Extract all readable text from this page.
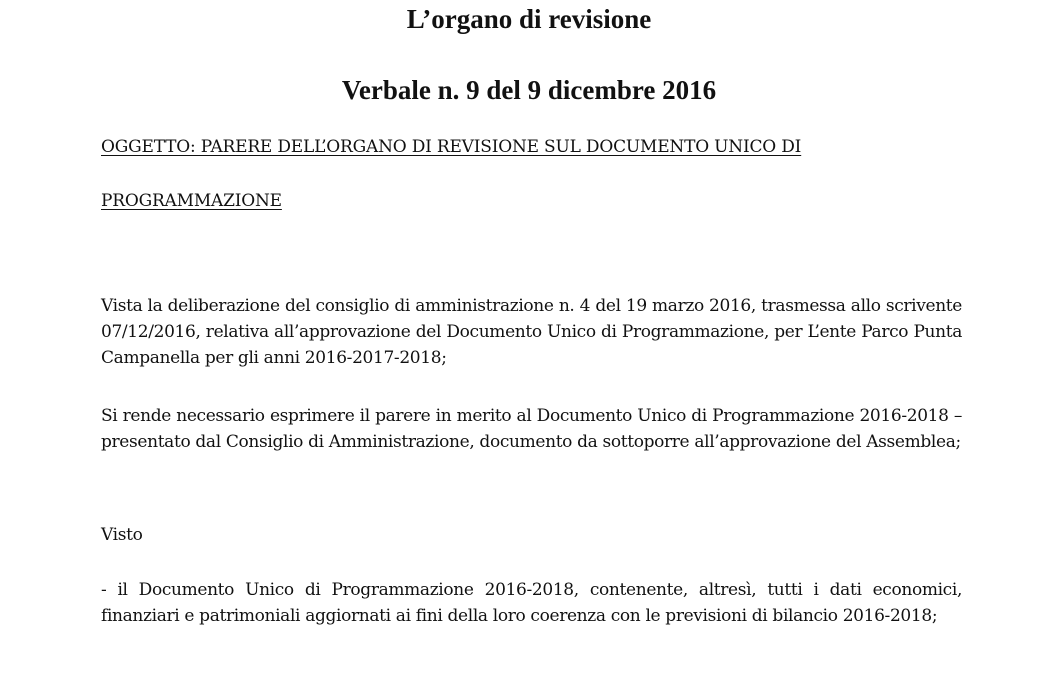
L’organo di revisione
Verbale n. 9 del 9 dicembre 2016
OGGETTO: PARERE DELL’ORGANO DI REVISIONE SUL DOCUMENTO UNICO DI
PROGRAMMAZIONE
Vista la deliberazione del consiglio di amministrazione n. 4 del 19 marzo 2016, trasmessa allo scrivente 07/12/2016, relativa all’approvazione del Documento Unico di Programmazione, per L’ente Parco Punta Campanella per gli anni 2016-2017-2018;
Si rende necessario esprimere il parere in merito al Documento Unico di Programmazione 2016-2018 – presentato dal Consiglio di Amministrazione, documento da sottoporre all’approvazione del Assemblea;
Visto
- il Documento Unico di Programmazione 2016-2018, contenente, altresì, tutti i dati economici, finanziari e patrimoniali aggiornati ai fini della loro coerenza con le previsioni di bilancio 2016-2018;
